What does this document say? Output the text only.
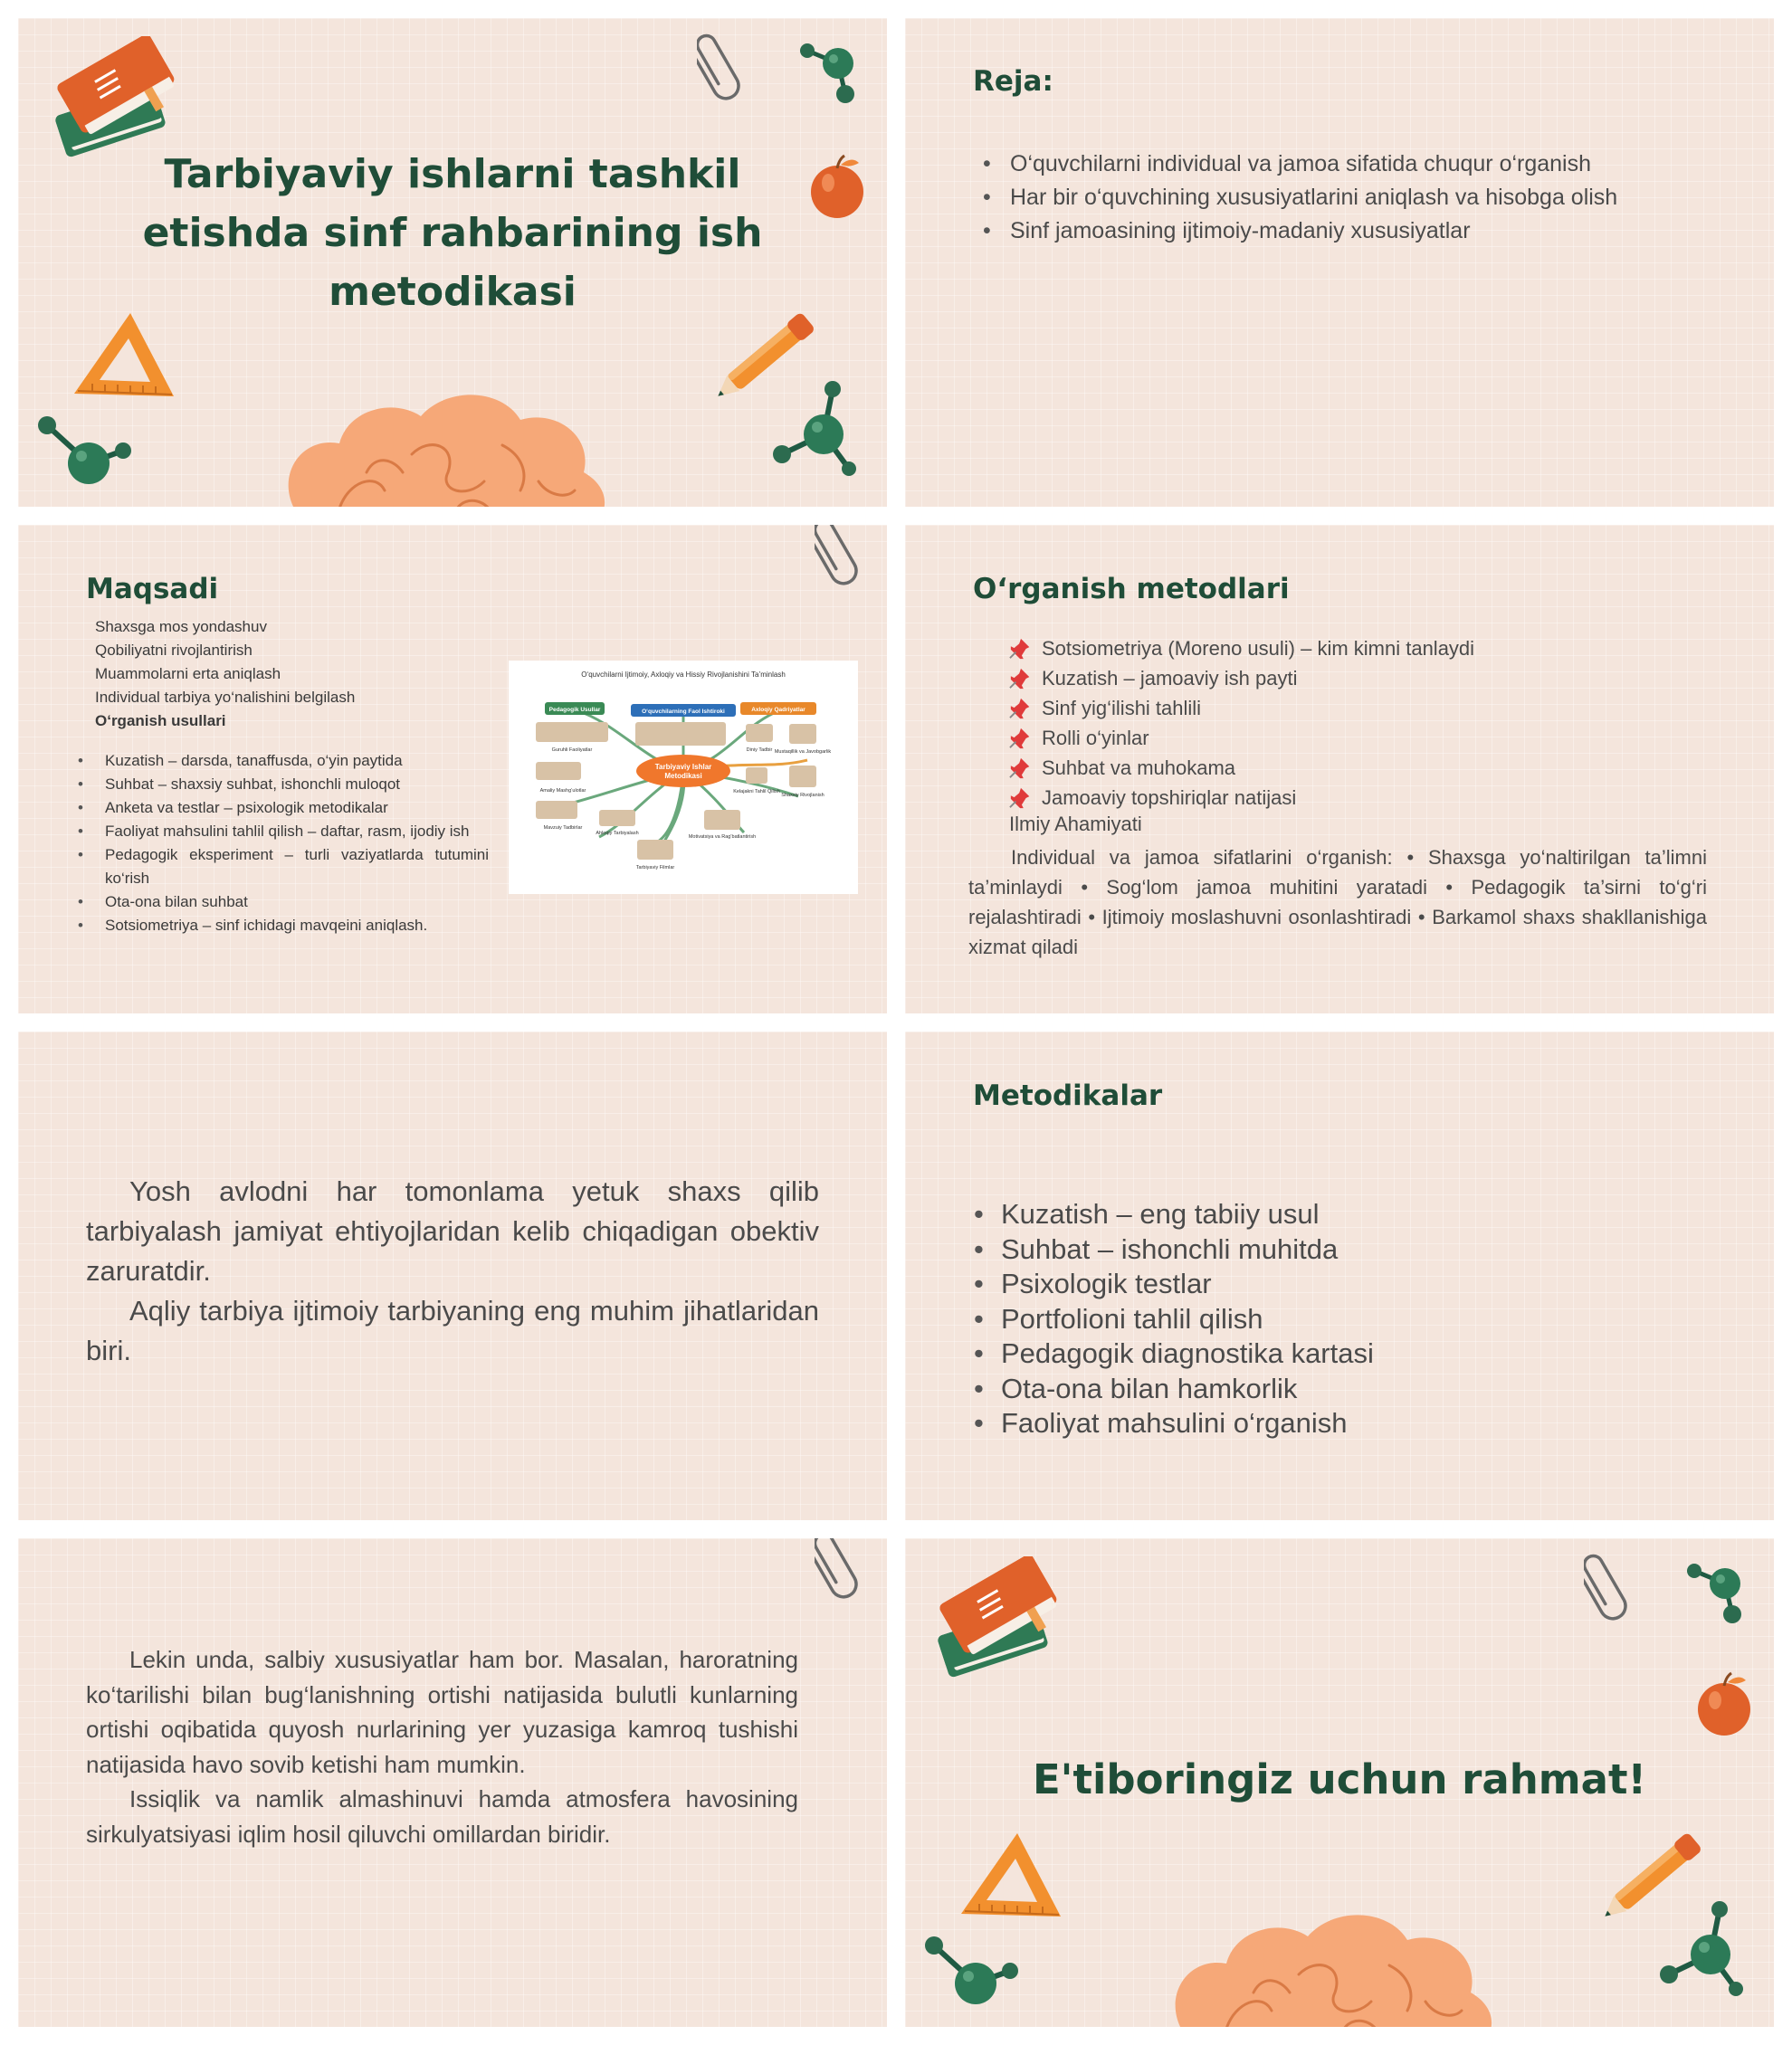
Tarbiyaviy ishlarni tashkil etishda sinf rahbarining ish metodikasi
Reja:
• O‘quvchilarni individual va jamoa sifatida chuqur o‘rganish
• Har bir o‘quvchining xususiyatlarini aniqlash va hisobga olish
• Sinf jamoasining ijtimoiy-madaniy xususiyatlar
Maqsadi
Shaxsga mos yondashuv
Qobiliyatni rivojlantirish
Muammolarni erta aniqlash
Individual tarbiya yo‘nalishini belgilash
O‘rganish usullari
• Kuzatish – darsda, tanaffusda, o‘yin paytida
• Suhbat – shaxsiy suhbat, ishonchli muloqot
• Anketa va testlar – psixologik metodikalar
• Faoliyat mahsulini tahlil qilish – daftar, rasm, ijodiy ish
• Pedagogik eksperiment – turli vaziyatlarda tutumini ko‘rish
• Ota-ona bilan suhbat
• Sotsiometriya – sinf ichidagi mavqeini aniqlash.
O‘quvchilarni Ijtimoiy, Axloqiy va Hissiy Rivojlanishini Ta’minlash
Pedagogik Usullar	O‘quvchilarning Faol Ishtiroki	Axloqiy Qadriyatlar
Tarbiyaviy Ishlar
Metodikasi
Guruhli Faoliyatlar
Amaliy Mashg‘ulotlar
Mavzuiy Tadbirlar
Ahloqiy Tarbiyalash
Motivatsiya va Rag‘batlantirish
Tarbiyaviy Filmlar
Diniy Tadbir Mustaqillik va Javobgarlik
Kelajakni Tahlil Qilish
Shaxsiy Rivojlanish
O‘rganish metodlari
• Sotsiometriya (Moreno usuli) – kim kimni tanlaydi
• Kuzatish – jamoaviy ish payti
• Sinf yig‘ilishi tahlili
• Rolli o‘yinlar
• Suhbat va muhokama
• Jamoaviy topshiriqlar natijasi
Ilmiy Ahamiyati

Individual va jamoa sifatlarini o‘rganish: • Shaxsga yo‘naltirilgan ta’limni ta’minlaydi • Sog‘lom jamoa muhitini yaratadi • Pedagogik ta’sirni to‘g‘ri rejalashtiradi • Ijtimoiy moslashuvni osonlashtiradi • Barkamol shaxs shakllanishiga xizmat qiladi

Yosh avlodni har tomonlama yetuk shaxs qilib tarbiyalash jamiyat ehtiyojlaridan kelib chiqadigan obektiv zaruratdir.

Aqliy tarbiya ijtimoiy tarbiyaning eng muhim jihatlaridan biri.

Metodikalar
• Kuzatish – eng tabiiy usul
• Suhbat – ishonchli muhitda
• Psixologik testlar
• Portfolioni tahlil qilish
• Pedagogik diagnostika kartasi
• Ota-ona bilan hamkorlik
• Faoliyat mahsulini o‘rganish

Lekin unda, salbiy xususiyatlar ham bor. Masalan, haroratning ko‘tarilishi bilan bug‘lanishning ortishi natijasida bulutli kunlarning ortishi oqibatida quyosh nurlarining yer yuzasiga kamroq tushishi natijasida havo sovib ketishi ham mumkin.

Issiqlik va namlik almashinuvi hamda atmosfera havosining sirkulyatsiyasi iqlim hosil qiluvchi omillardan biridir.

E'tiboringiz uchun rahmat!
